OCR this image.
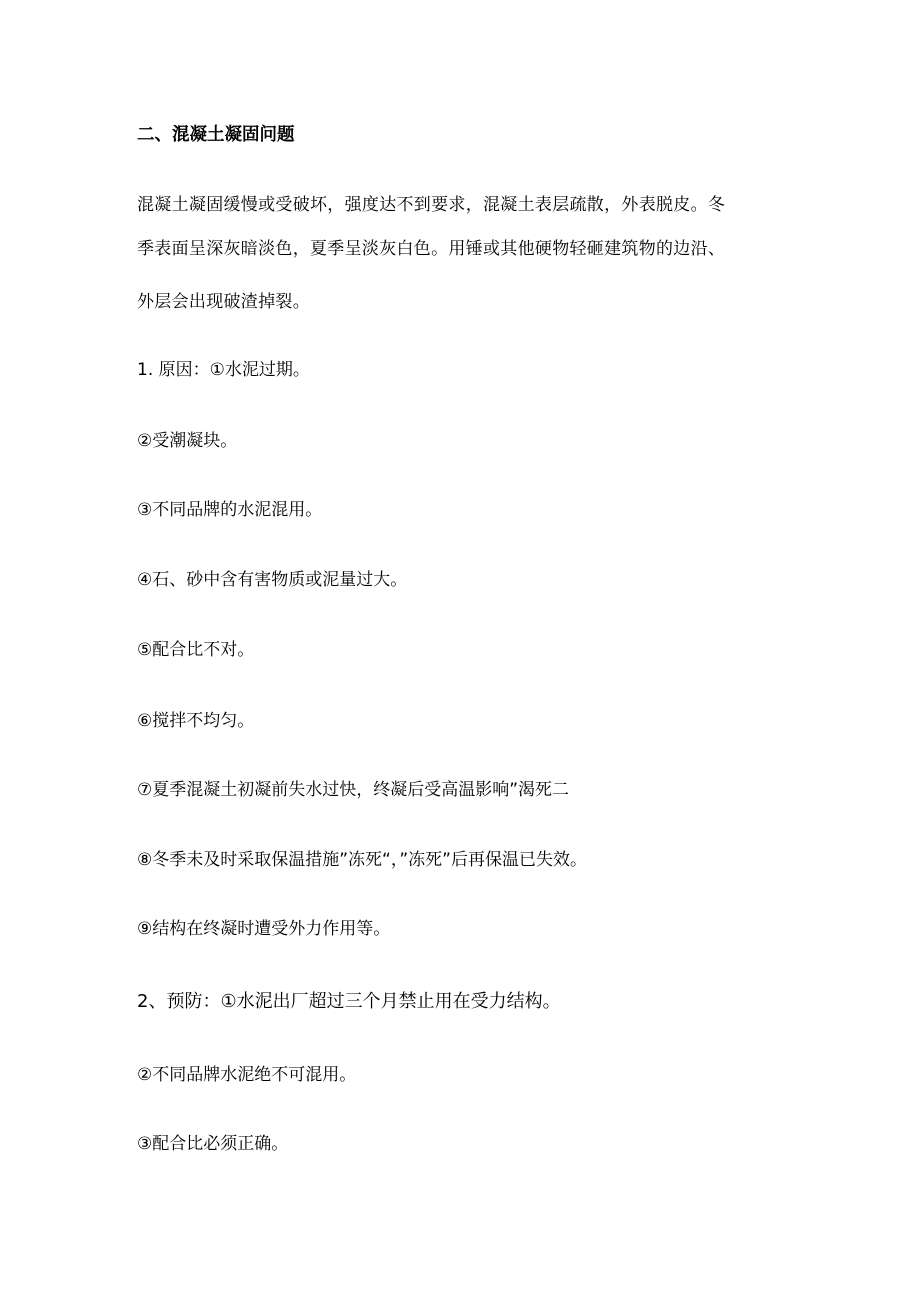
二、混凝土凝固问题
混凝土凝固缓慢或受破坏，强度达不到要求，混凝土表层疏散，外表脱皮。冬
季表面呈深灰暗淡色，夏季呈淡灰白色。用锤或其他硬物轻砸建筑物的边沿、
外层会出现破渣掉裂。
1. 原因：①水泥过期。
②受潮凝块。
③不同品牌的水泥混用。
④石、砂中含有害物质或泥量过大。
⑤配合比不对。
⑥搅拌不均匀。
⑦夏季混凝土初凝前失水过快，终凝后受高温影响”渴死二
⑧冬季未及时采取保温措施”冻死“，”冻死”后再保温已失效。
⑨结构在终凝时遭受外力作用等。
2、预防：①水泥出厂超过三个月禁止用在受力结构。
②不同品牌水泥绝不可混用。
③配合比必须正确。
